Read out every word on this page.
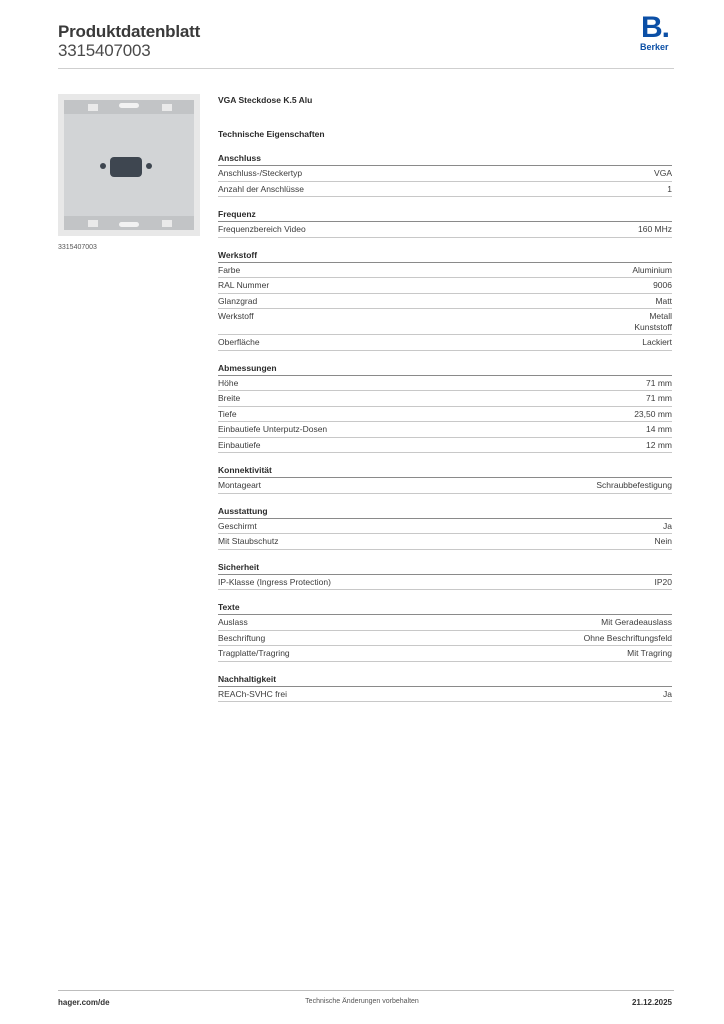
Produktdatenblatt
3315407003
B.
Berker
3315407003
VGA Steckdose K.5 Alu
Technische Eigenschaften
Anschluss
Anschluss-/Steckertyp	VGA
Anzahl der Anschlüsse	1
Frequenz
Frequenzbereich Video	160 MHz
Werkstoff
Farbe	Aluminium
RAL Nummer	9006
Glanzgrad	Matt
Werkstoff	Metall
Kunststoff
Oberfläche	Lackiert
Abmessungen
Höhe	71 mm
Breite	71 mm
Tiefe	23,50 mm
Einbautiefe Unterputz-Dosen	14 mm
Einbautiefe	12 mm
Konnektivität
Montageart	Schraubbefestigung
Ausstattung
Geschirmt	Ja
Mit Staubschutz	Nein
Sicherheit
IP-Klasse (Ingress Protection)	IP20
Texte
Auslass	Mit Geradeauslass
Beschriftung	Ohne Beschriftungsfeld
Tragplatte/Tragring	Mit Tragring
Nachhaltigkeit
REACh-SVHC frei	Ja
hager.com/de	Technische Änderungen vorbehalten	21.12.2025
